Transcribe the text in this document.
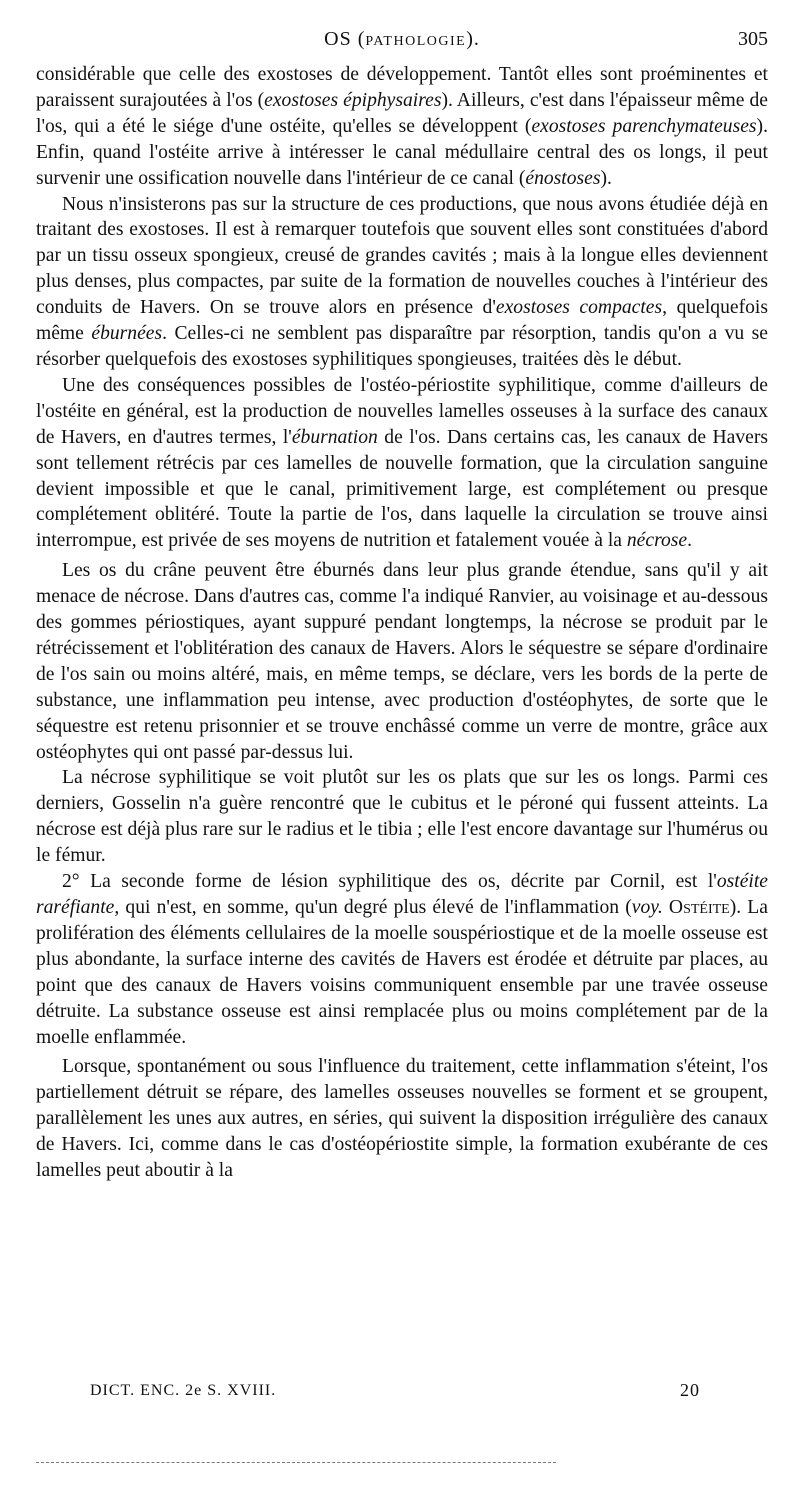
OS (PATHOLOGIE).	305

considérable que celle des exostoses de développement. Tantôt elles sont proéminentes et paraissent surajoutées à l'os (exostoses épiphysaires). Ailleurs, c'est dans l'épaisseur même de l'os, qui a été le siége d'une ostéite, qu'elles se développent (exostoses parenchymateuses). Enfin, quand l'ostéite arrive à intéresser le canal médullaire central des os longs, il peut survenir une ossification nouvelle dans l'intérieur de ce canal (énostoses).

Nous n'insisterons pas sur la structure de ces productions, que nous avons étudiée déjà en traitant des exostoses. Il est à remarquer toutefois que souvent elles sont constituées d'abord par un tissu osseux spongieux, creusé de grandes cavités ; mais à la longue elles deviennent plus denses, plus compactes, par suite de la formation de nouvelles couches à l'intérieur des conduits de Havers. On se trouve alors en présence d'exostoses compactes, quelquefois même éburnées. Celles-ci ne semblent pas disparaître par résorption, tandis qu'on a vu se résorber quelquefois des exostoses syphilitiques spongieuses, traitées dès le début.

Une des conséquences possibles de l'ostéo-périostite syphilitique, comme d'ailleurs de l'ostéite en général, est la production de nouvelles lamelles osseuses à la surface des canaux de Havers, en d'autres termes, l'éburnation de l'os. Dans certains cas, les canaux de Havers sont tellement rétrécis par ces lamelles de nouvelle formation, que la circulation sanguine devient impossible et que le canal, primitivement large, est complétement ou presque complétement oblitéré. Toute la partie de l'os, dans laquelle la circulation se trouve ainsi interrompue, est privée de ses moyens de nutrition et fatalement vouée à la nécrose.

Les os du crâne peuvent être éburnés dans leur plus grande étendue, sans qu'il y ait menace de nécrose. Dans d'autres cas, comme l'a indiqué Ranvier, au voisinage et au-dessous des gommes périostiques, ayant suppuré pendant longtemps, la nécrose se produit par le rétrécissement et l'oblitération des canaux de Havers. Alors le séquestre se sépare d'ordinaire de l'os sain ou moins altéré, mais, en même temps, se déclare, vers les bords de la perte de substance, une inflammation peu intense, avec production d'ostéophytes, de sorte que le séquestre est retenu prisonnier et se trouve enchâssé comme un verre de montre, grâce aux ostéophytes qui ont passé par-dessus lui.

La nécrose syphilitique se voit plutôt sur les os plats que sur les os longs. Parmi ces derniers, Gosselin n'a guère rencontré que le cubitus et le péroné qui fussent atteints. La nécrose est déjà plus rare sur le radius et le tibia ; elle l'est encore davantage sur l'humérus ou le fémur.

2° La seconde forme de lésion syphilitique des os, décrite par Cornil, est l'ostéite raréfiante, qui n'est, en somme, qu'un degré plus élevé de l'inflammation (voy. Ostéite). La prolifération des éléments cellulaires de la moelle souspériostique et de la moelle osseuse est plus abondante, la surface interne des cavités de Havers est érodée et détruite par places, au point que des canaux de Havers voisins communiquent ensemble par une travée osseuse détruite. La substance osseuse est ainsi remplacée plus ou moins complétement par de la moelle enflammée.

Lorsque, spontanément ou sous l'influence du traitement, cette inflammation s'éteint, l'os partiellement détruit se répare, des lamelles osseuses nouvelles se forment et se groupent, parallèlement les unes aux autres, en séries, qui suivent la disposition irrégulière des canaux de Havers. Ici, comme dans le cas d'ostéopériostite simple, la formation exubérante de ces lamelles peut aboutir à la

DICT. ENC. 2e S. XVIII.	20
